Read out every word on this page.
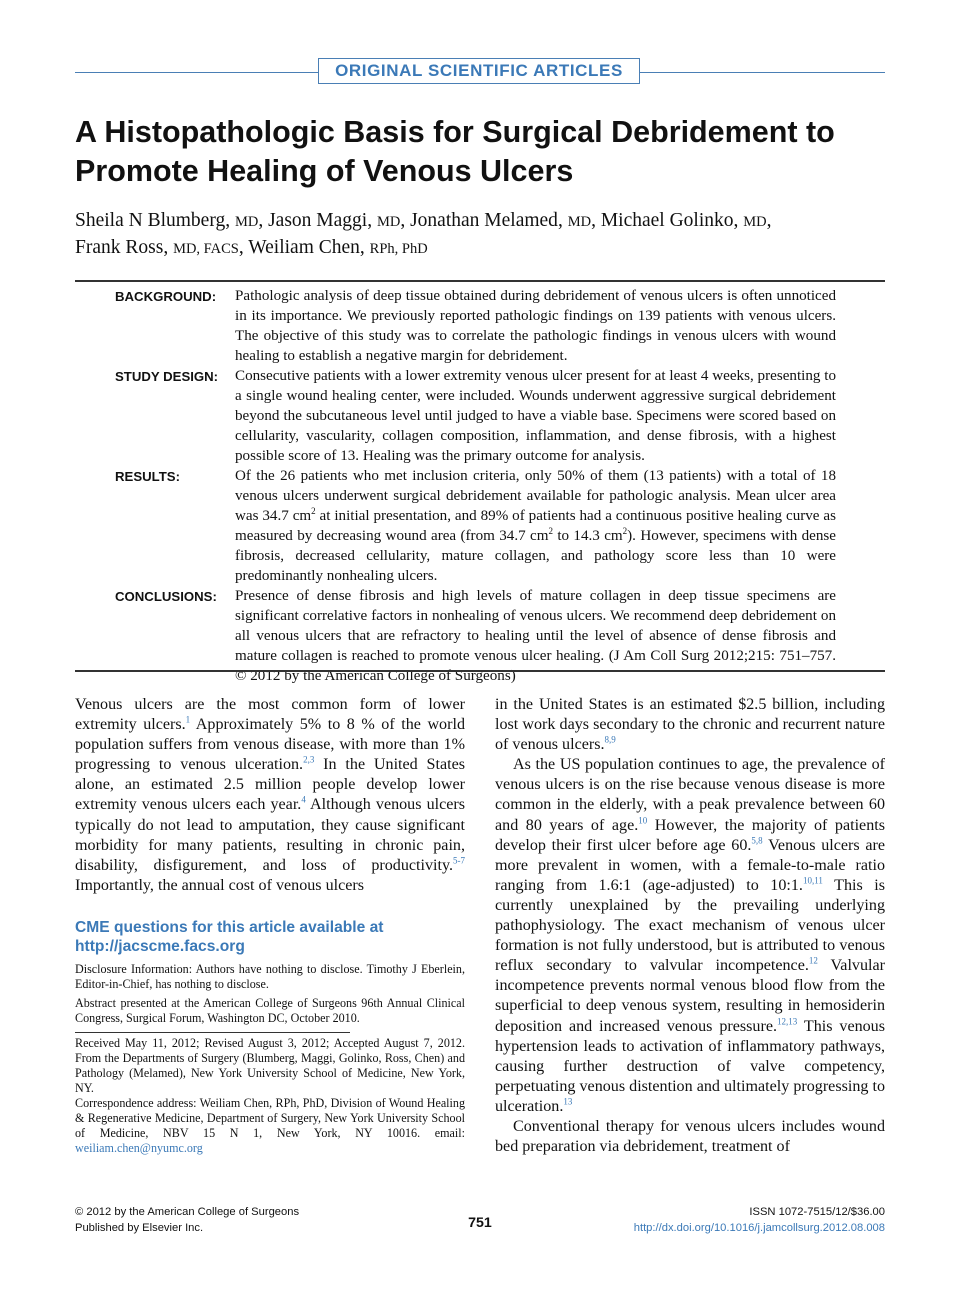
ORIGINAL SCIENTIFIC ARTICLES
A Histopathologic Basis for Surgical Debridement to Promote Healing of Venous Ulcers
Sheila N Blumberg, MD, Jason Maggi, MD, Jonathan Melamed, MD, Michael Golinko, MD,
Frank Ross, MD, FACS, Weiliam Chen, RPh, PhD
BACKGROUND:	Pathologic analysis of deep tissue obtained during debridement of venous ulcers is often unnoticed in its importance. We previously reported pathologic findings on 139 patients with venous ulcers. The objective of this study was to correlate the pathologic findings in venous ulcers with wound healing to establish a negative margin for debridement.
STUDY DESIGN:	Consecutive patients with a lower extremity venous ulcer present for at least 4 weeks, presenting to a single wound healing center, were included. Wounds underwent aggressive surgical debridement beyond the subcutaneous level until judged to have a viable base. Specimens were scored based on cellularity, vascularity, collagen composition, inflammation, and dense fibrosis, with a highest possible score of 13. Healing was the primary outcome for analysis.
RESULTS:	Of the 26 patients who met inclusion criteria, only 50% of them (13 patients) with a total of 18 venous ulcers underwent surgical debridement available for pathologic analysis. Mean ulcer area was 34.7 $cm^2$ at initial presentation, and 89% of patients had a continuous positive healing curve as measured by decreasing wound area (from 34.7 $cm^2$ to 14.3 $cm^2$). However, specimens with dense fibrosis, decreased cellularity, mature collagen, and pathology score less than 10 were predominantly nonhealing ulcers.
CONCLUSIONS:	Presence of dense fibrosis and high levels of mature collagen in deep tissue specimens are significant correlative factors in nonhealing of venous ulcers. We recommend deep debridement on all venous ulcers that are refractory to healing until the level of absence of dense fibrosis and mature collagen is reached to promote venous ulcer healing. (J Am Coll Surg 2012;215: 751–757. © 2012 by the American College of Surgeons)

Venous ulcers are the most common form of lower extremity ulcers.$^1$ Approximately 5% to 8 % of the world population suffers from venous disease, with more than 1% progressing to venous ulceration.$^{2,3}$ In the United States alone, an estimated 2.5 million people develop lower extremity venous ulcers each year.$^4$ Although venous ulcers typically do not lead to amputation, they cause significant morbidity for many patients, resulting in chronic pain, disability, disfigurement, and loss of productivity.$^{5-7}$ Importantly, the annual cost of venous ulcers

in the United States is an estimated $2.5 billion, including lost work days secondary to the chronic and recurrent nature of venous ulcers.$^{8,9}$

As the US population continues to age, the prevalence of venous ulcers is on the rise because venous disease is more common in the elderly, with a peak prevalence between 60 and 80 years of age.$^{10}$ However, the majority of patients develop their first ulcer before age 60.$^{5,8}$ Venous ulcers are more prevalent in women, with a female-to-male ratio ranging from 1.6:1 (age-adjusted) to 10:1.$^{10,11}$ This is currently unexplained by the prevailing underlying pathophysiology. The exact mechanism of venous ulcer formation is not fully understood, but is attributed to venous reflux secondary to valvular incompetence.$^{12}$ Valvular incompetence prevents normal venous blood flow from the superficial to deep venous system, resulting in hemosiderin deposition and increased venous pressure.$^{12,13}$ This venous hypertension leads to activation of inflammatory pathways, causing further destruction of valve competency, perpetuating venous distention and ultimately progressing to ulceration.$^{13}$

Conventional therapy for venous ulcers includes wound bed preparation via debridement, treatment of

CME questions for this article available at
http://jacscme.facs.org
Disclosure Information: Authors have nothing to disclose. Timothy J Eberlein, Editor-in-Chief, has nothing to disclose.
Abstract presented at the American College of Surgeons 96th Annual Clinical Congress, Surgical Forum, Washington DC, October 2010.
Received May 11, 2012; Revised August 3, 2012; Accepted August 7, 2012. From the Departments of Surgery (Blumberg, Maggi, Golinko, Ross, Chen) and Pathology (Melamed), New York University School of Medicine, New York, NY.
Correspondence address: Weiliam Chen, RPh, PhD, Division of Wound Healing & Regenerative Medicine, Department of Surgery, New York University School of Medicine, NBV 15 N 1, New York, NY 10016. email: weiliam.chen@nyumc.org
© 2012 by the American College of Surgeons
Published by Elsevier Inc.	751
ISSN 1072-7515/12/$36.00
http://dx.doi.org/10.1016/j.jamcollsurg.2012.08.008
